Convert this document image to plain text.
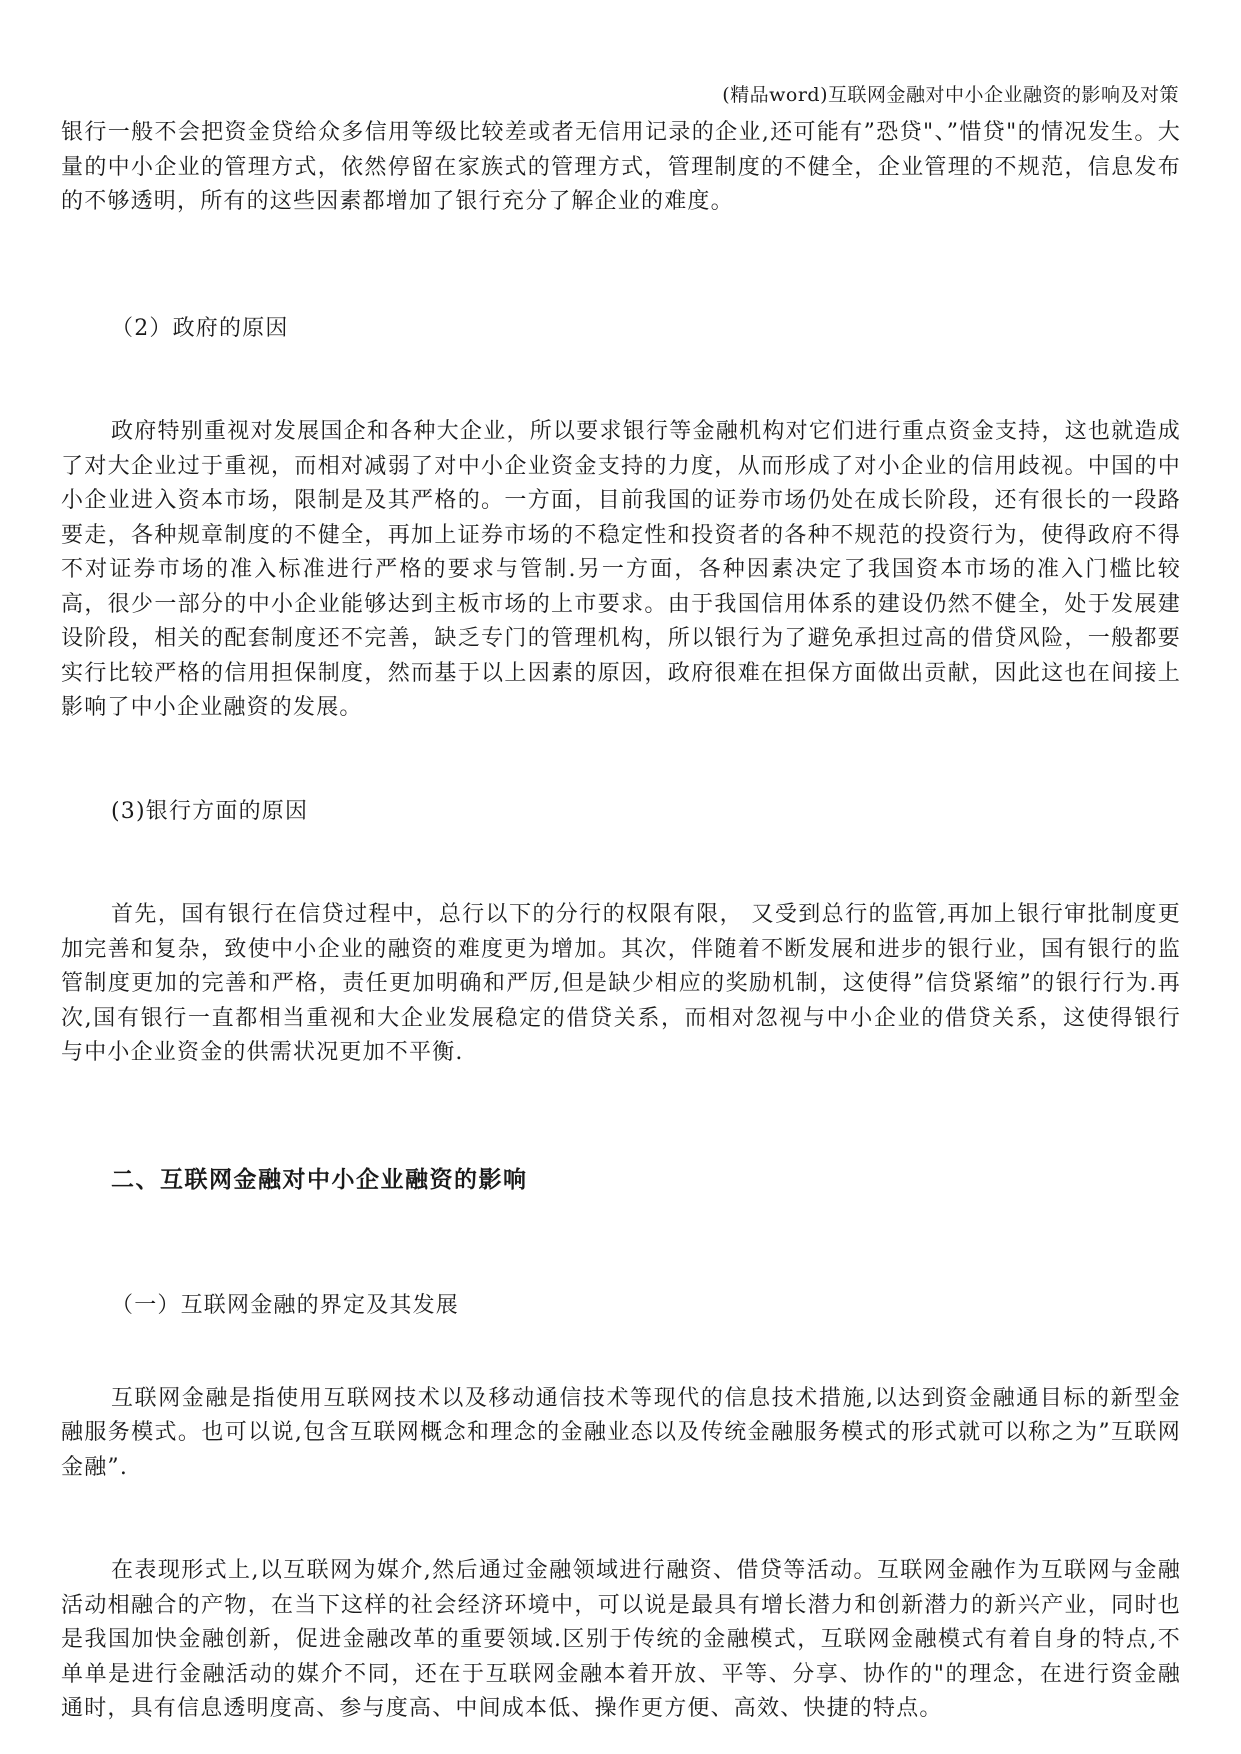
(精品word)互联网金融对中小企业融资的影响及对策

银行一般不会把资金贷给众多信用等级比较差或者无信用记录的企业,还可能有”恐贷"、”惜贷"的情况发生。大量的中小企业的管理方式，依然停留在家族式的管理方式，管理制度的不健全，企业管理的不规范，信息发布的不够透明，所有的这些因素都增加了银行充分了解企业的难度。

（2）政府的原因

政府特别重视对发展国企和各种大企业，所以要求银行等金融机构对它们进行重点资金支持，这也就造成了对大企业过于重视，而相对减弱了对中小企业资金支持的力度，从而形成了对小企业的信用歧视。中国的中小企业进入资本市场，限制是及其严格的。一方面，目前我国的证券市场仍处在成长阶段，还有很长的一段路要走，各种规章制度的不健全，再加上证券市场的不稳定性和投资者的各种不规范的投资行为，使得政府不得不对证券市场的准入标准进行严格的要求与管制.另一方面，各种因素决定了我国资本市场的准入门槛比较高，很少一部分的中小企业能够达到主板市场的上市要求。由于我国信用体系的建设仍然不健全，处于发展建设阶段，相关的配套制度还不完善，缺乏专门的管理机构，所以银行为了避免承担过高的借贷风险，一般都要实行比较严格的信用担保制度，然而基于以上因素的原因，政府很难在担保方面做出贡献，因此这也在间接上影响了中小企业融资的发展。

(3)银行方面的原因

首先，国有银行在信贷过程中，总行以下的分行的权限有限， 又受到总行的监管,再加上银行审批制度更加完善和复杂，致使中小企业的融资的难度更为增加。其次，伴随着不断发展和进步的银行业，国有银行的监管制度更加的完善和严格，责任更加明确和严厉,但是缺少相应的奖励机制，这使得”信贷紧缩”的银行行为.再次,国有银行一直都相当重视和大企业发展稳定的借贷关系，而相对忽视与中小企业的借贷关系，这使得银行与中小企业资金的供需状况更加不平衡.

二、互联网金融对中小企业融资的影响

（一）互联网金融的界定及其发展

互联网金融是指使用互联网技术以及移动通信技术等现代的信息技术措施,以达到资金融通目标的新型金融服务模式。也可以说,包含互联网概念和理念的金融业态以及传统金融服务模式的形式就可以称之为”互联网金融”.

在表现形式上,以互联网为媒介,然后通过金融领域进行融资、借贷等活动。互联网金融作为互联网与金融活动相融合的产物，在当下这样的社会经济环境中，可以说是最具有增长潜力和创新潜力的新兴产业，同时也是我国加快金融创新，促进金融改革的重要领域.区别于传统的金融模式，互联网金融模式有着自身的特点,不单单是进行金融活动的媒介不同，还在于互联网金融本着开放、平等、分享、协作的"的理念，在进行资金融通时，具有信息透明度高、参与度高、中间成本低、操作更方便、高效、快捷的特点。
